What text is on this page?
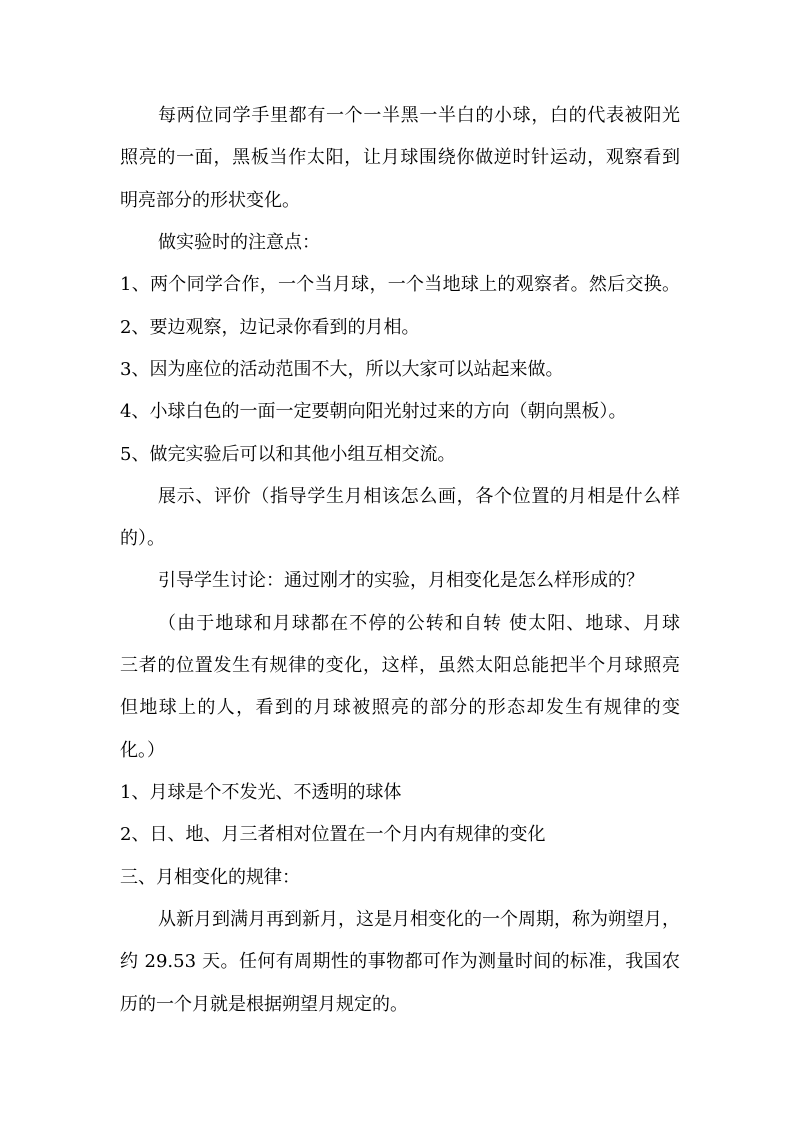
每两位同学手里都有一个一半黑一半白的小球，白的代表被阳光
照亮的一面，黑板当作太阳，让月球围绕你做逆时针运动，观察看到
明亮部分的形状变化。
做实验时的注意点：
1、两个同学合作，一个当月球，一个当地球上的观察者。然后交换。
2、要边观察，边记录你看到的月相。
3、因为座位的活动范围不大，所以大家可以站起来做。
4、小球白色的一面一定要朝向阳光射过来的方向（朝向黑板）。
5、做完实验后可以和其他小组互相交流。
展示、评价（指导学生月相该怎么画，各个位置的月相是什么样
的）。
引导学生讨论：通过刚才的实验，月相变化是怎么样形成的？
（由于地球和月球都在不停的公转和自转 使太阳、地球、月球
三者的位置发生有规律的变化，这样，虽然太阳总能把半个月球照亮
但地球上的人，看到的月球被照亮的部分的形态却发生有规律的变
化。）
1、月球是个不发光、不透明的球体
2、日、地、月三者相对位置在一个月内有规律的变化
三、月相变化的规律：
从新月到满月再到新月，这是月相变化的一个周期，称为朔望月，
约 29.53 天。任何有周期性的事物都可作为测量时间的标准，我国农
历的一个月就是根据朔望月规定的。
